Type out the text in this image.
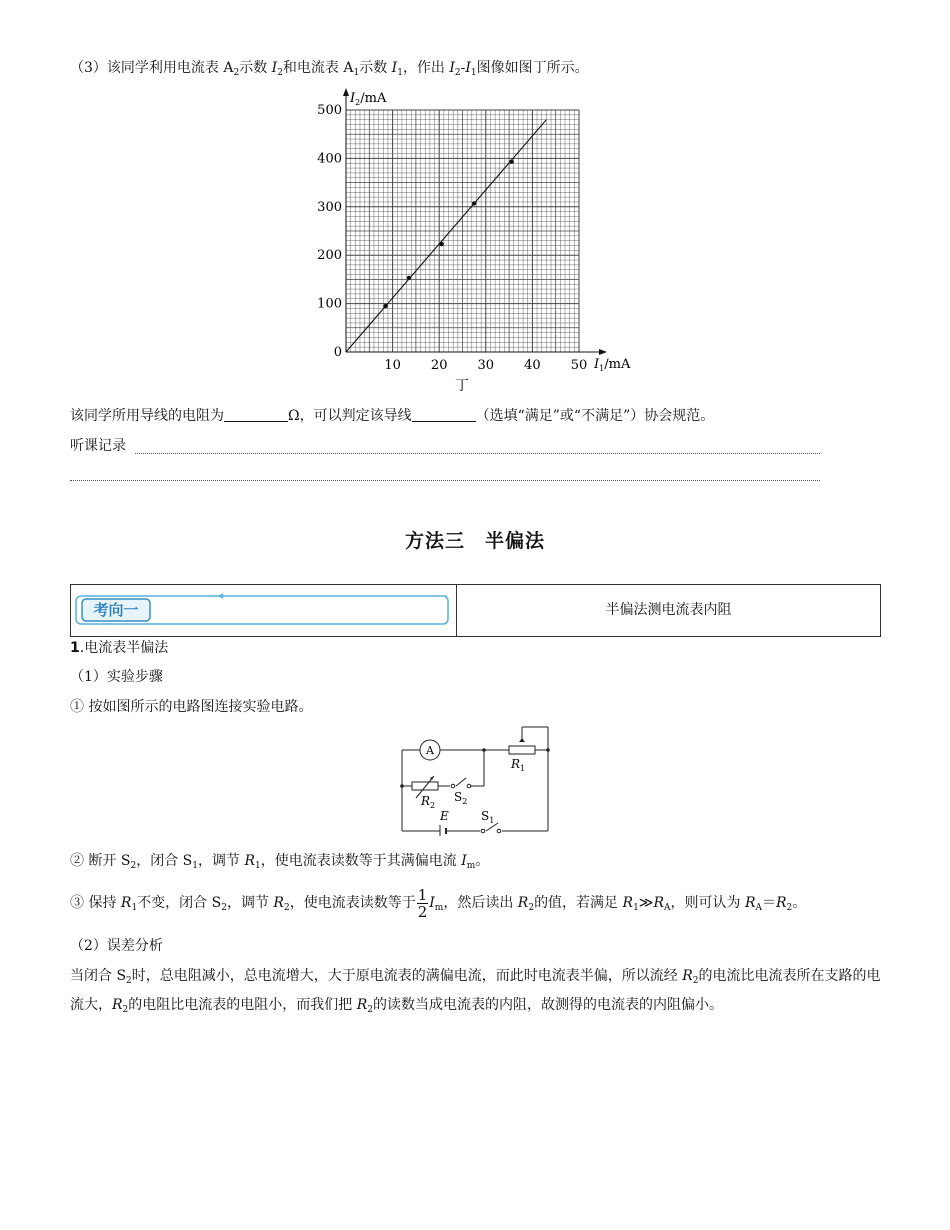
（3）该同学利用电流表 $A_2$示数 $I_2$和电流表 $A_1$示数 $I_1$，作出 $I_2-I_1$图像如图丁所示。
10 20 30 40 50
0
100
200
300
400
500
$I_2/mA$
$I_1/mA$
丁
该同学所用导线的电阻为	Ω，可以判定该导线	（选填“满足”或“不满足”）协会规范。
听课记录
方法三　半偏法
考向一	半偏法测电流表内阻
1.电流表半偏法
（1）实验步骤
① 按如图所示的电路图连接实验电路。
A
$R_1$
$R_2$
$S_2$
$S_1$
E
② 断开 $S_2$，闭合 $S_1$，调节 $R_1$，使电流表读数等于其满偏电流 $I_m$。
③ 保持 $R_1$不变，闭合 $S_2$，调节 $R_2$，使电流表读数等于 $\frac{1}{2} I_m$，然后读出 $R_2$的值，若满足 $R_1≫R_A$，则可认为 $R_A=R_2$。
（2）误差分析
当闭合 $S_2$时，总电阻减小，总电流增大，大于原电流表的满偏电流，而此时电流表半偏，所以流经 $R_2$的电流比电流表所在支路的电流大，$R_2$的电阻比电流表的电阻小，而我们把 $R_2$的读数当成电流表的内阻，故测得的电流表的内阻偏小。
